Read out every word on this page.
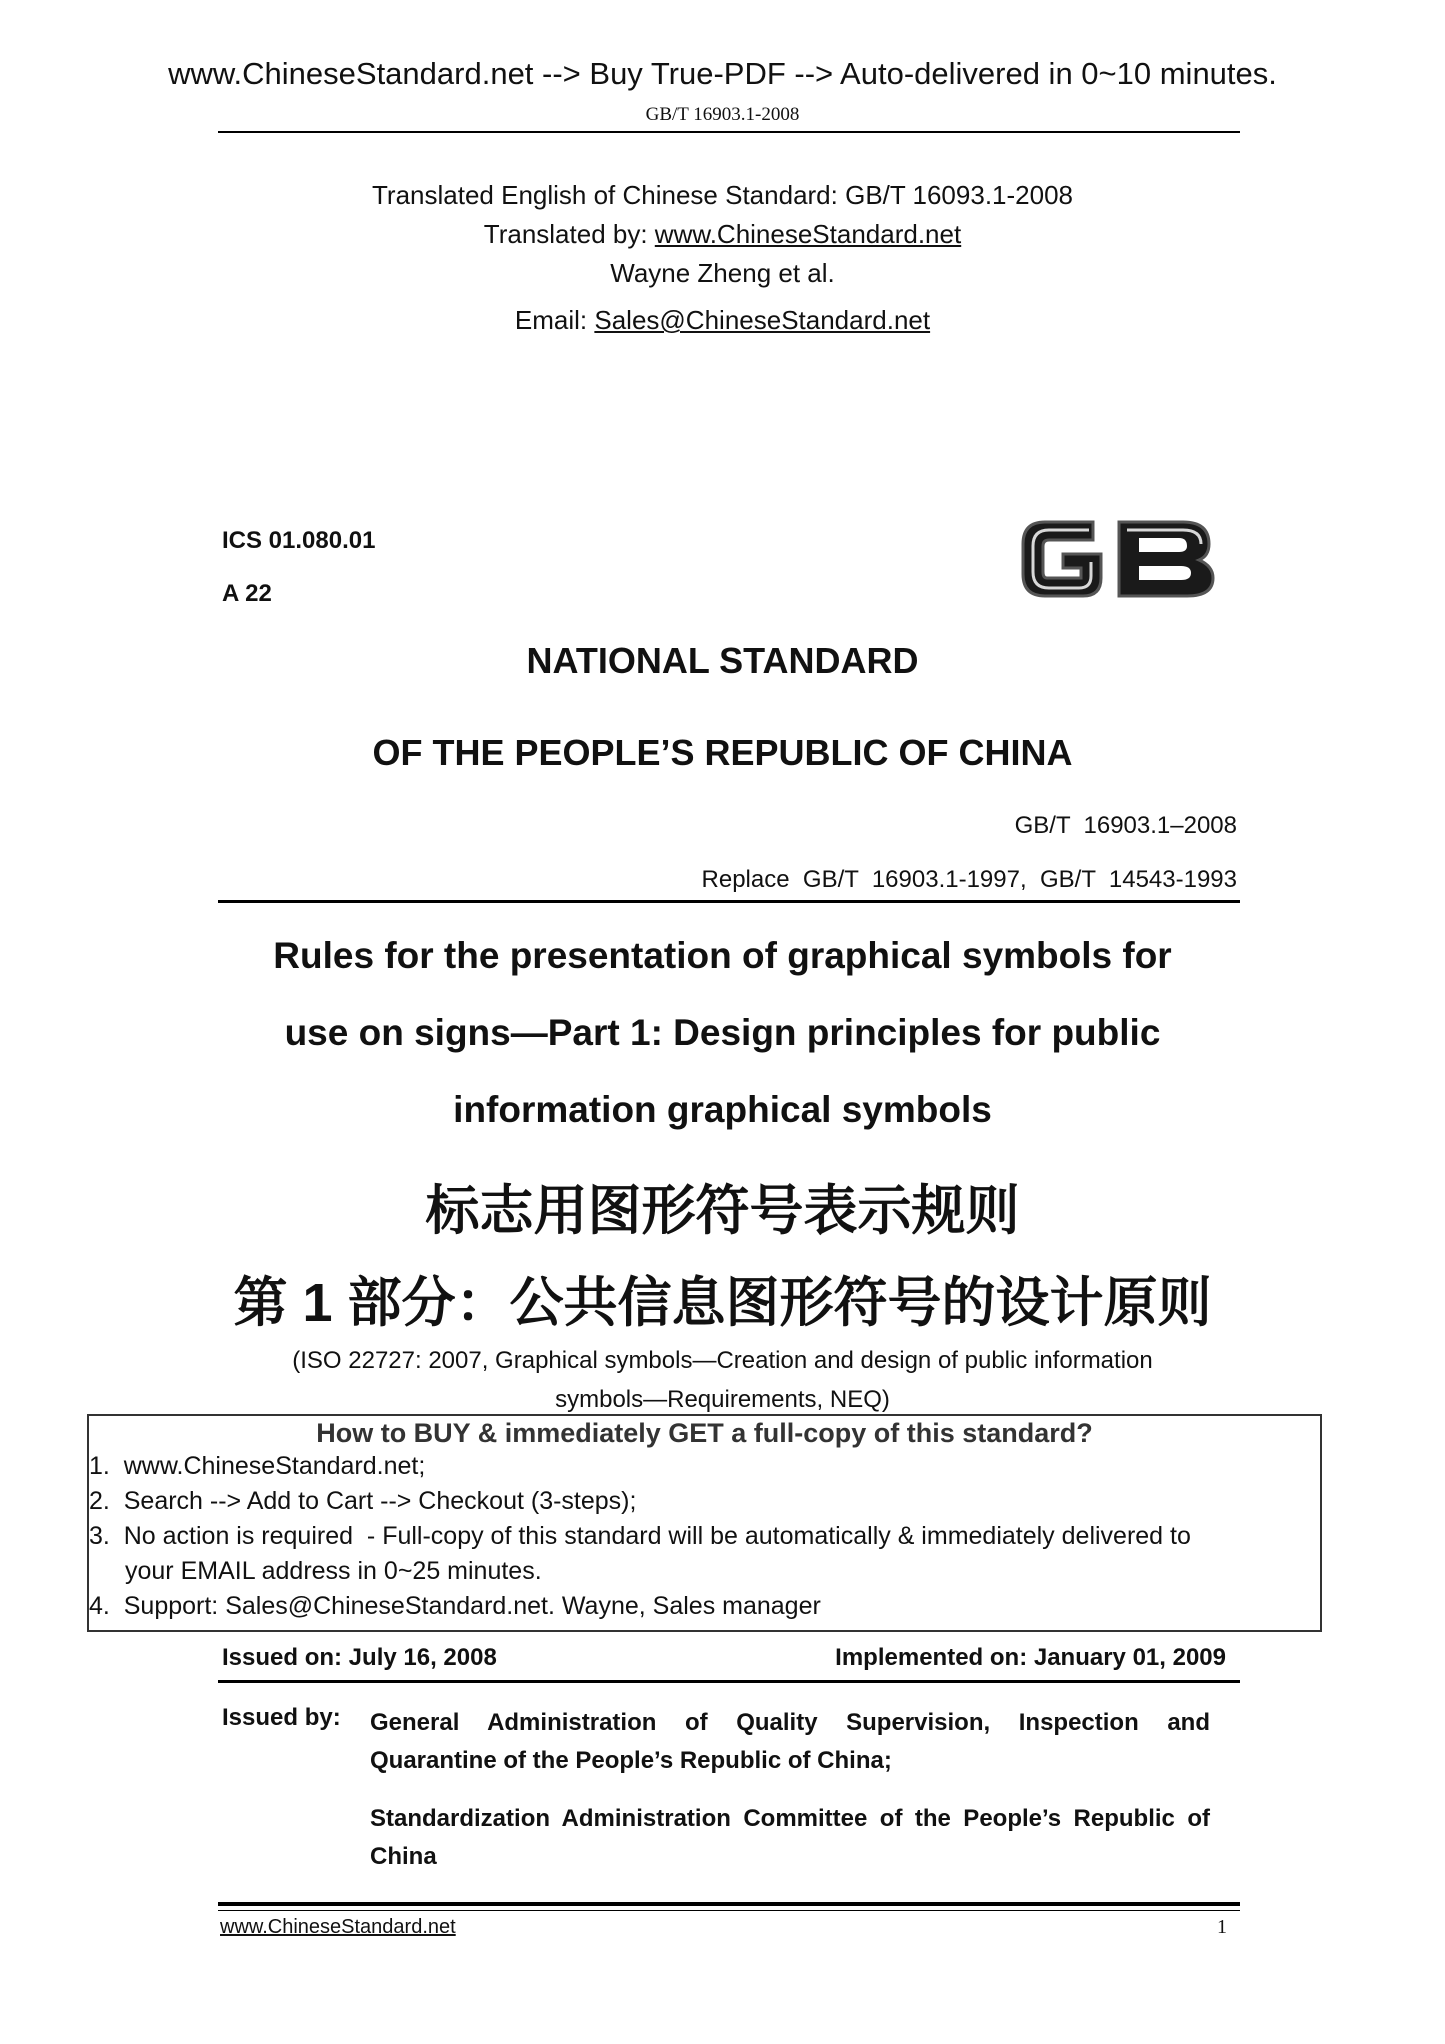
www.ChineseStandard.net --> Buy True-PDF --> Auto-delivered in 0~10 minutes.
GB/T 16903.1-2008
Translated English of Chinese Standard: GB/T 16093.1-2008
Translated by: www.ChineseStandard.net
Wayne Zheng et al.
Email: Sales@ChineseStandard.net
ICS 01.080.01
A 22
NATIONAL STANDARD
OF THE PEOPLE’S REPUBLIC OF CHINA
GB/T  16903.1–2008
Replace  GB/T  16903.1-1997,  GB/T  14543-1993
Rules for the presentation of graphical symbols for
use on signs—Part 1: Design principles for public
information graphical symbols
标志用图形符号表示规则
第 1 部分：公共信息图形符号的设计原则
(ISO 22727: 2007, Graphical symbols—Creation and design of public information
symbols—Requirements, NEQ)
How to BUY & immediately GET a full-copy of this standard?
1.  www.ChineseStandard.net;
2.  Search --> Add to Cart --> Checkout (3-steps);
3.  No action is required  - Full-copy of this standard will be automatically & immediately delivered to
your EMAIL address in 0~25 minutes.
4.  Support: Sales@ChineseStandard.net. Wayne, Sales manager
Issued on: July 16, 2008	Implemented on: January 01, 2009
Issued by: General Administration of Quality Supervision, Inspection and Quarantine of the People’s Republic of China;
Standardization Administration Committee of the People’s Republic of China
www.ChineseStandard.net	1
